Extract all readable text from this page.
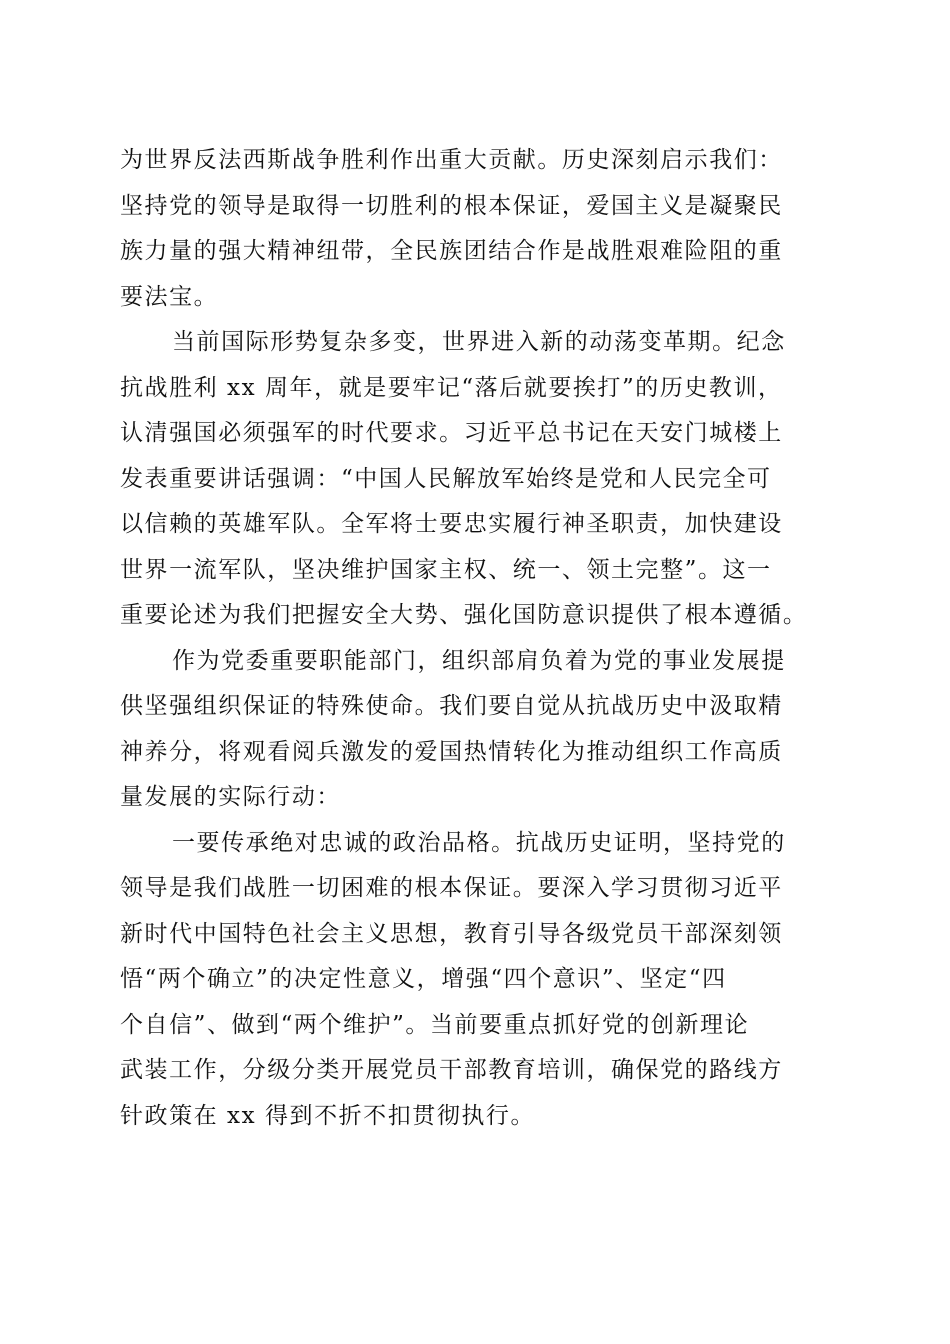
为世界反法西斯战争胜利作出重大贡献。历史深刻启示我们：
坚持党的领导是取得一切胜利的根本保证，爱国主义是凝聚民
族力量的强大精神纽带，全民族团结合作是战胜艰难险阻的重
要法宝。
当前国际形势复杂多变，世界进入新的动荡变革期。纪念
抗战胜利 xx 周年，就是要牢记“落后就要挨打”的历史教训，
认清强国必须强军的时代要求。习近平总书记在天安门城楼上
发表重要讲话强调：“中国人民解放军始终是党和人民完全可
以信赖的英雄军队。全军将士要忠实履行神圣职责，加快建设
世界一流军队，坚决维护国家主权、统一、领土完整”。这一
重要论述为我们把握安全大势、强化国防意识提供了根本遵循。
作为党委重要职能部门，组织部肩负着为党的事业发展提
供坚强组织保证的特殊使命。我们要自觉从抗战历史中汲取精
神养分，将观看阅兵激发的爱国热情转化为推动组织工作高质
量发展的实际行动：
一要传承绝对忠诚的政治品格。抗战历史证明，坚持党的
领导是我们战胜一切困难的根本保证。要深入学习贯彻习近平
新时代中国特色社会主义思想，教育引导各级党员干部深刻领
悟“两个确立”的决定性意义，增强“四个意识”、坚定“四
个自信”、做到“两个维护”。当前要重点抓好党的创新理论
武装工作，分级分类开展党员干部教育培训，确保党的路线方
针政策在 xx 得到不折不扣贯彻执行。
